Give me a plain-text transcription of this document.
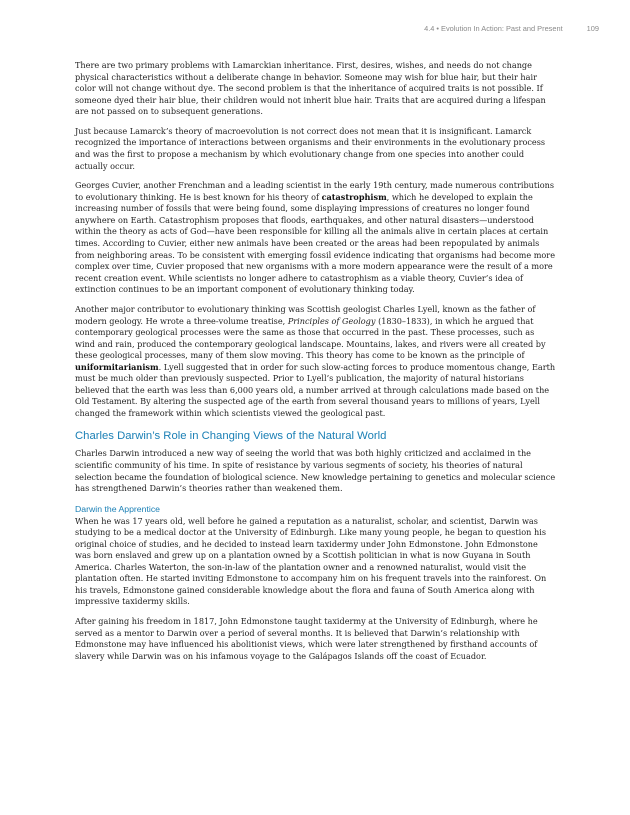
4.4 • Evolution In Action: Past and Present	109

There are two primary problems with Lamarckian inheritance. First, desires, wishes, and needs do not change physical characteristics without a deliberate change in behavior. Someone may wish for blue hair, but their hair color will not change without dye. The second problem is that the inheritance of acquired traits is not possible. If someone dyed their hair blue, their children would not inherit blue hair. Traits that are acquired during a lifespan are not passed on to subsequent generations.

Just because Lamarck’s theory of macroevolution is not correct does not mean that it is insignificant. Lamarck recognized the importance of interactions between organisms and their environments in the evolutionary process and was the first to propose a mechanism by which evolutionary change from one species into another could actually occur.

Georges Cuvier, another Frenchman and a leading scientist in the early 19th century, made numerous contributions to evolutionary thinking. He is best known for his theory of catastrophism, which he developed to explain the increasing number of fossils that were being found, some displaying impressions of creatures no longer found anywhere on Earth. Catastrophism proposes that floods, earthquakes, and other natural disasters—understood within the theory as acts of God—have been responsible for killing all the animals alive in certain places at certain times. According to Cuvier, either new animals have been created or the areas had been repopulated by animals from neighboring areas. To be consistent with emerging fossil evidence indicating that organisms had become more complex over time, Cuvier proposed that new organisms with a more modern appearance were the result of a more recent creation event. While scientists no longer adhere to catastrophism as a viable theory, Cuvier’s idea of extinction continues to be an important component of evolutionary thinking today.

Another major contributor to evolutionary thinking was Scottish geologist Charles Lyell, known as the father of modern geology. He wrote a three-volume treatise, Principles of Geology (1830–1833), in which he argued that contemporary geological processes were the same as those that occurred in the past. These processes, such as wind and rain, produced the contemporary geological landscape. Mountains, lakes, and rivers were all created by these geological processes, many of them slow moving. This theory has come to be known as the principle of uniformitarianism. Lyell suggested that in order for such slow-acting forces to produce momentous change, Earth must be much older than previously suspected. Prior to Lyell’s publication, the majority of natural historians believed that the earth was less than 6,000 years old, a number arrived at through calculations made based on the Old Testament. By altering the suspected age of the earth from several thousand years to millions of years, Lyell changed the framework within which scientists viewed the geological past.

Charles Darwin’s Role in Changing Views of the Natural World

Charles Darwin introduced a new way of seeing the world that was both highly criticized and acclaimed in the scientific community of his time. In spite of resistance by various segments of society, his theories of natural selection became the foundation of biological science. New knowledge pertaining to genetics and molecular science has strengthened Darwin’s theories rather than weakened them.

Darwin the Apprentice

When he was 17 years old, well before he gained a reputation as a naturalist, scholar, and scientist, Darwin was studying to be a medical doctor at the University of Edinburgh. Like many young people, he began to question his original choice of studies, and he decided to instead learn taxidermy under John Edmonstone. John Edmonstone was born enslaved and grew up on a plantation owned by a Scottish politician in what is now Guyana in South America. Charles Waterton, the son-in-law of the plantation owner and a renowned naturalist, would visit the plantation often. He started inviting Edmonstone to accompany him on his frequent travels into the rainforest. On his travels, Edmonstone gained considerable knowledge about the flora and fauna of South America along with impressive taxidermy skills.

After gaining his freedom in 1817, John Edmonstone taught taxidermy at the University of Edinburgh, where he served as a mentor to Darwin over a period of several months. It is believed that Darwin’s relationship with Edmonstone may have influenced his abolitionist views, which were later strengthened by firsthand accounts of slavery while Darwin was on his infamous voyage to the Galápagos Islands off the coast of Ecuador.
